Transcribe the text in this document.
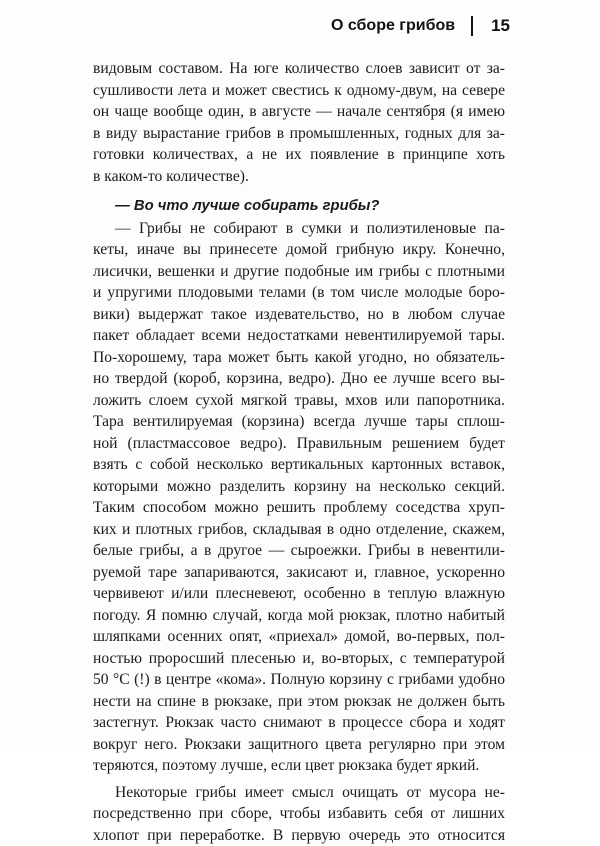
О сборе грибов 15
видовым составом. На юге количество слоев зависит от за-
сушливости лета и может свестись к одному-двум, на севере
он чаще вообще один, в августе — начале сентября (я имею
в виду вырастание грибов в промышленных, годных для за-
готовки количествах, а не их появление в принципе хоть
в каком-то количестве).
— Во что лучше собирать грибы?
— Грибы не собирают в сумки и полиэтиленовые па-
кеты, иначе вы принесете домой грибную икру. Конечно,
лисички, вешенки и другие подобные им грибы с плотными
и упругими плодовыми телами (в том числе молодые боро-
вики) выдержат такое издевательство, но в любом случае
пакет обладает всеми недостатками невентилируемой тары.
По-хорошему, тара может быть какой угодно, но обязатель-
но твердой (короб, корзина, ведро). Дно ее лучше всего вы-
ложить слоем сухой мягкой травы, мхов или папоротника.
Тара вентилируемая (корзина) всегда лучше тары сплош-
ной (пластмассовое ведро). Правильным решением будет
взять с собой несколько вертикальных картонных вставок,
которыми можно разделить корзину на несколько секций.
Таким способом можно решить проблему соседства хруп-
ких и плотных грибов, складывая в одно отделение, скажем,
белые грибы, а в другое — сыроежки. Грибы в невентили-
руемой таре запариваются, закисают и, главное, ускоренно
червивеют и/или плесневеют, особенно в теплую влажную
погоду. Я помню случай, когда мой рюкзак, плотно набитый
шляпками осенних опят, «приехал» домой, во-первых, пол-
ностью проросший плесенью и, во-вторых, с температурой
50 °С (!) в центре «кома». Полную корзину с грибами удобно
нести на спине в рюкзаке, при этом рюкзак не должен быть
застегнут. Рюкзак часто снимают в процессе сбора и ходят
вокруг него. Рюкзаки защитного цвета регулярно при этом
теряются, поэтому лучше, если цвет рюкзака будет яркий.
Некоторые грибы имеет смысл очищать от мусора не-
посредственно при сборе, чтобы избавить себя от лишних
хлопот при переработке. В первую очередь это относится
